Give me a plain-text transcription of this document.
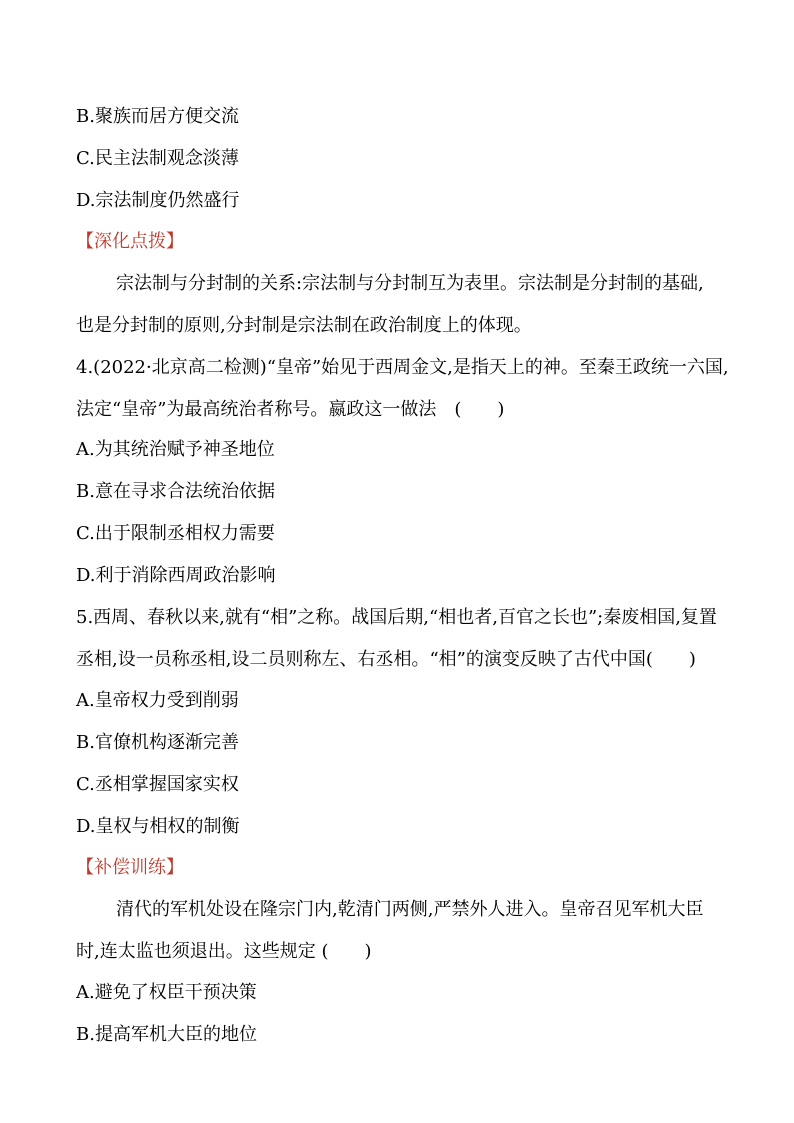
B.聚族而居方便交流
C.民主法制观念淡薄
D.宗法制度仍然盛行
【深化点拨】
宗法制与分封制的关系:宗法制与分封制互为表里。宗法制是分封制的基础,
也是分封制的原则,分封制是宗法制在政治制度上的体现。
4.(2022·北京高二检测)“皇帝”始见于西周金文,是指天上的神。至秦王政统一六国,
法定“皇帝”为最高统治者称号。嬴政这一做法　(　　)
A.为其统治赋予神圣地位
B.意在寻求合法统治依据
C.出于限制丞相权力需要
D.利于消除西周政治影响
5.西周、春秋以来,就有“相”之称。战国后期,“相也者,百官之长也”;秦废相国,复置
丞相,设一员称丞相,设二员则称左、右丞相。“相”的演变反映了古代中国(　　)
A.皇帝权力受到削弱
B.官僚机构逐渐完善
C.丞相掌握国家实权
D.皇权与相权的制衡
【补偿训练】
清代的军机处设在隆宗门内,乾清门两侧,严禁外人进入。皇帝召见军机大臣
时,连太监也须退出。这些规定 (　　)
A.避免了权臣干预决策
B.提高军机大臣的地位
